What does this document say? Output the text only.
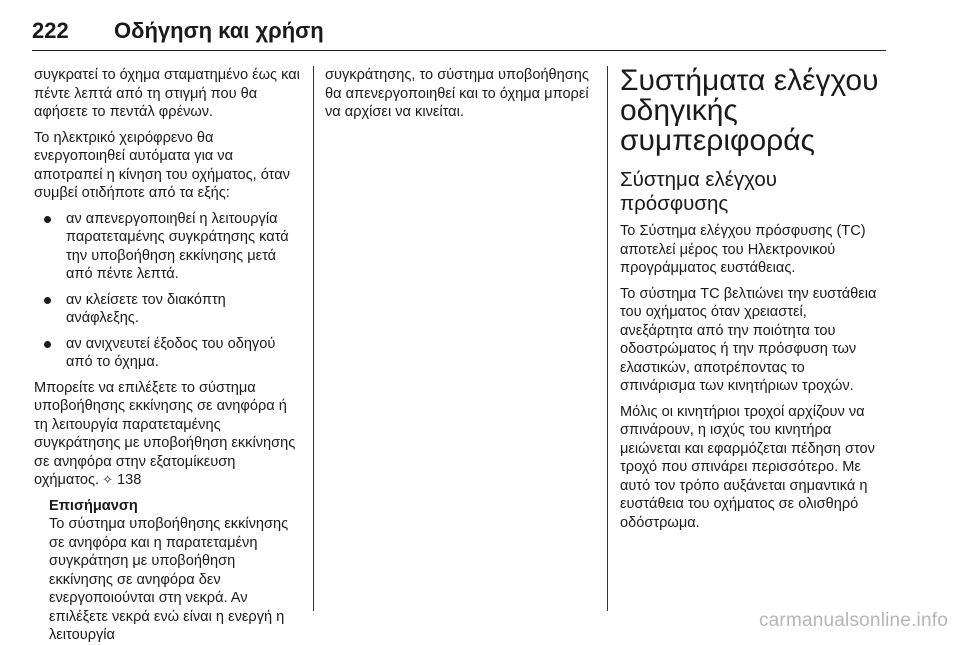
222 Οδήγηση και χρήση

συγκρατεί το όχημα σταματημένο έως και πέντε λεπτά από τη στιγμή που θα αφήσετε το πεντάλ φρένων.

Το ηλεκτρικό χειρόφρενο θα ενεργοποιηθεί αυτόματα για να αποτραπεί η κίνηση του οχήματος, όταν συμβεί οτιδήποτε από τα εξής:

αν απενεργοποιηθεί η λειτουργία παρατεταμένης συγκράτησης κατά την υποβοήθηση εκκίνησης μετά από πέντε λεπτά.
αν κλείσετε τον διακόπτη ανάφλεξης.
αν ανιχνευτεί έξοδος του οδηγού από το όχημα.

Μπορείτε να επιλέξετε το σύστημα υποβοήθησης εκκίνησης σε ανηφόρα ή τη λειτουργία παρατεταμένης συγκράτησης με υποβοήθηση εκκίνησης σε ανηφόρα στην εξατομίκευση οχήματος. ✧ 138

Επισήμανση
Το σύστημα υποβοήθησης εκκίνησης σε ανηφόρα και η παρατεταμένη συγκράτηση με υποβοήθηση εκκίνησης σε ανηφόρα δεν ενεργοποιούνται στη νεκρά. Αν επιλέξετε νεκρά ενώ είναι η ενεργή η λειτουργία

συγκράτησης, το σύστημα υποβοήθησης θα απενεργοποιηθεί και το όχημα μπορεί να αρχίσει να κινείται.

Συστήματα ελέγχου οδηγικής συμπεριφοράς
Σύστημα ελέγχου πρόσφυσης

Το Σύστημα ελέγχου πρόσφυσης (TC) αποτελεί μέρος του Ηλεκτρονικού προγράμματος ευστάθειας.

Το σύστημα TC βελτιώνει την ευστάθεια του οχήματος όταν χρειαστεί, ανεξάρτητα από την ποιότητα του οδοστρώματος ή την πρόσφυση των ελαστικών, αποτρέποντας το σπινάρισμα των κινητήριων τροχών.

Μόλις οι κινητήριοι τροχοί αρχίζουν να σπινάρουν, η ισχύς του κινητήρα μειώνεται και εφαρμόζεται πέδηση στον τροχό που σπινάρει περισσότερο. Με αυτό τον τρόπο αυξάνεται σημαντικά η ευστάθεια του οχήματος σε ολισθηρό οδόστρωμα.

carmanualsonline.info
